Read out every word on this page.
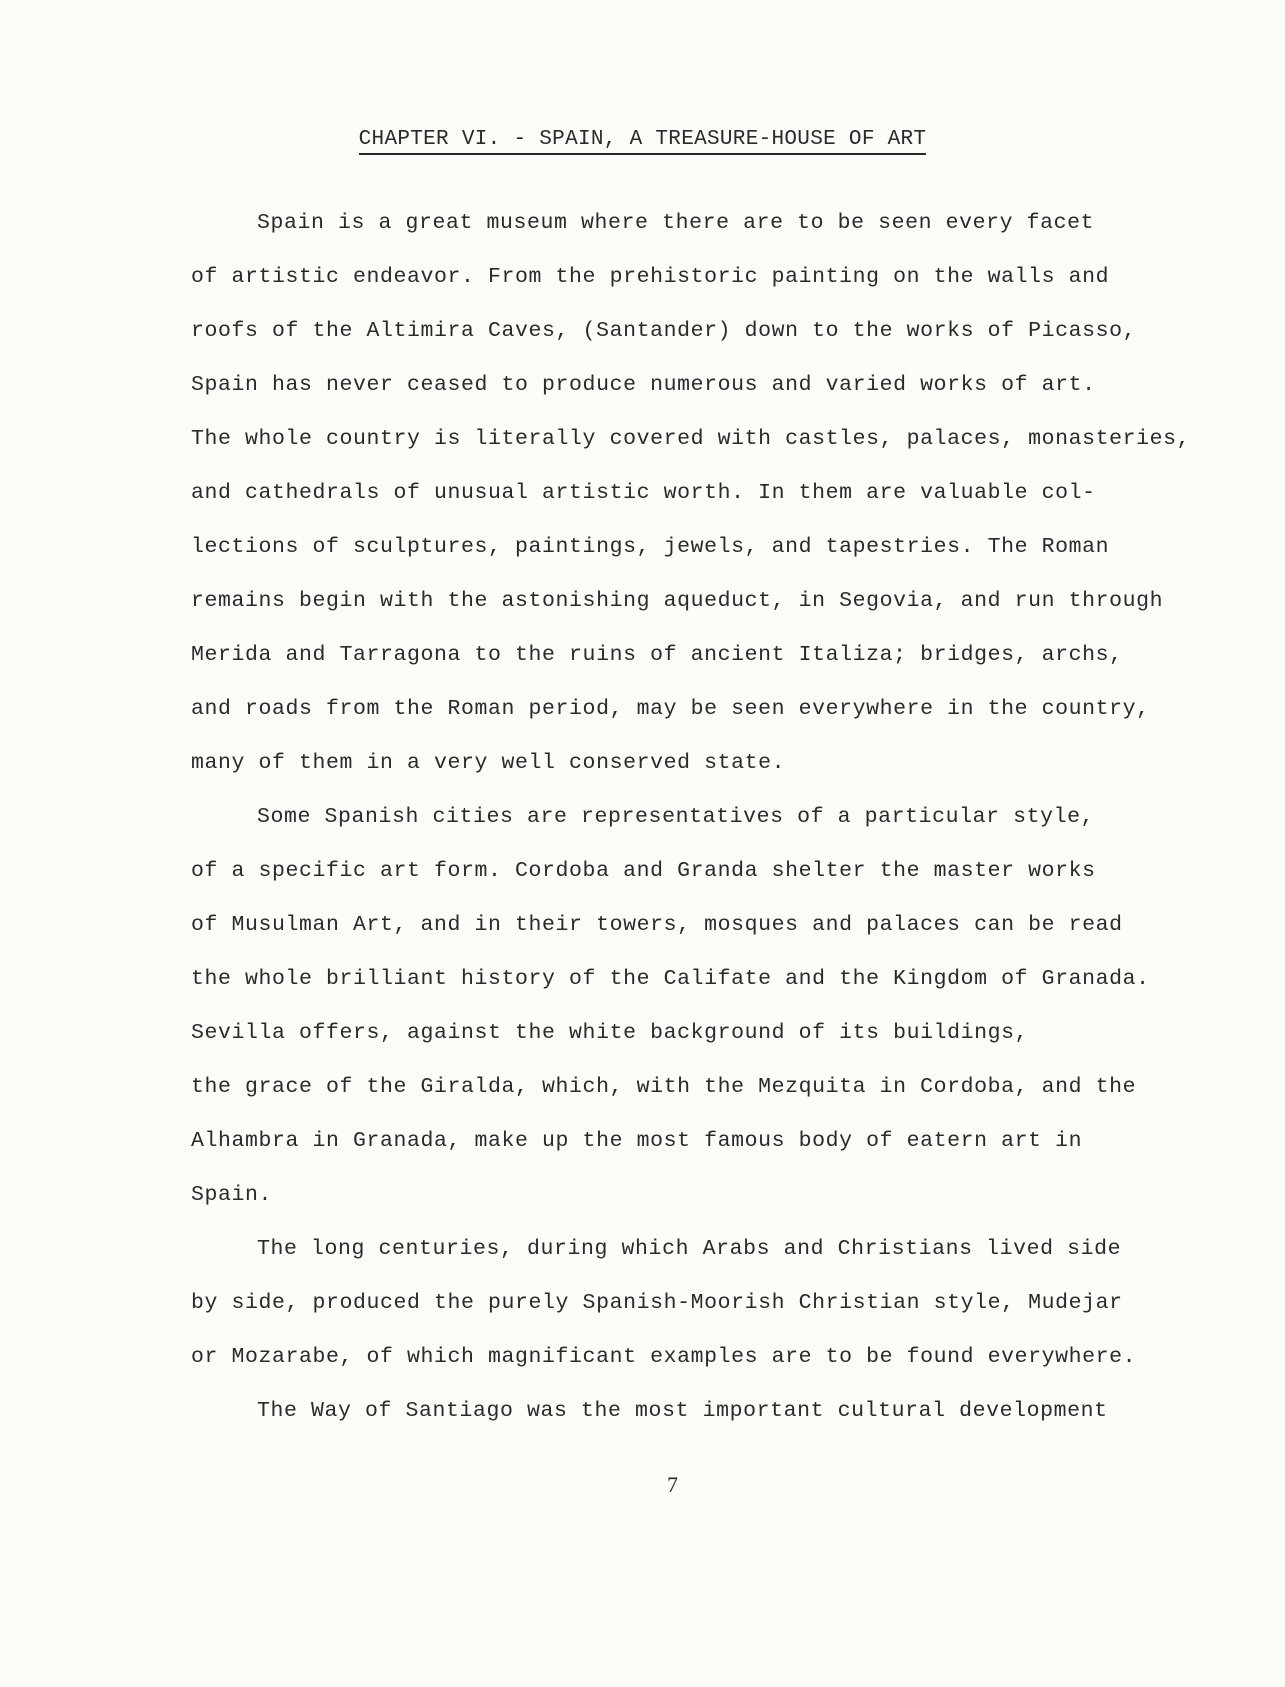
CHAPTER VI. - SPAIN, A TREASURE-HOUSE OF ART
Spain is a great museum where there are to be seen every facet
of artistic endeavor. From the prehistoric painting on the walls and
roofs of the Altimira Caves, (Santander) down to the works of Picasso,
Spain has never ceased to produce numerous and varied works of art.
The whole country is literally covered with castles, palaces, monasteries,
and cathedrals of unusual artistic worth. In them are valuable col-
lections of sculptures, paintings, jewels, and tapestries. The Roman
remains begin with the astonishing aqueduct, in Segovia, and run through
Merida and Tarragona to the ruins of ancient Italiza; bridges, archs,
and roads from the Roman period, may be seen everywhere in the country,
many of them in a very well conserved state.
Some Spanish cities are representatives of a particular style,
of a specific art form. Cordoba and Granda shelter the master works
of Musulman Art, and in their towers, mosques and palaces can be read
the whole brilliant history of the Califate and the Kingdom of Granada.
Sevilla offers, against the white background of its buildings,
the grace of the Giralda, which, with the Mezquita in Cordoba, and the
Alhambra in Granada, make up the most famous body of eatern art in
Spain.
The long centuries, during which Arabs and Christians lived side
by side, produced the purely Spanish-Moorish Christian style, Mudejar
or Mozarabe, of which magnificant examples are to be found everywhere.
The Way of Santiago was the most important cultural development
7
